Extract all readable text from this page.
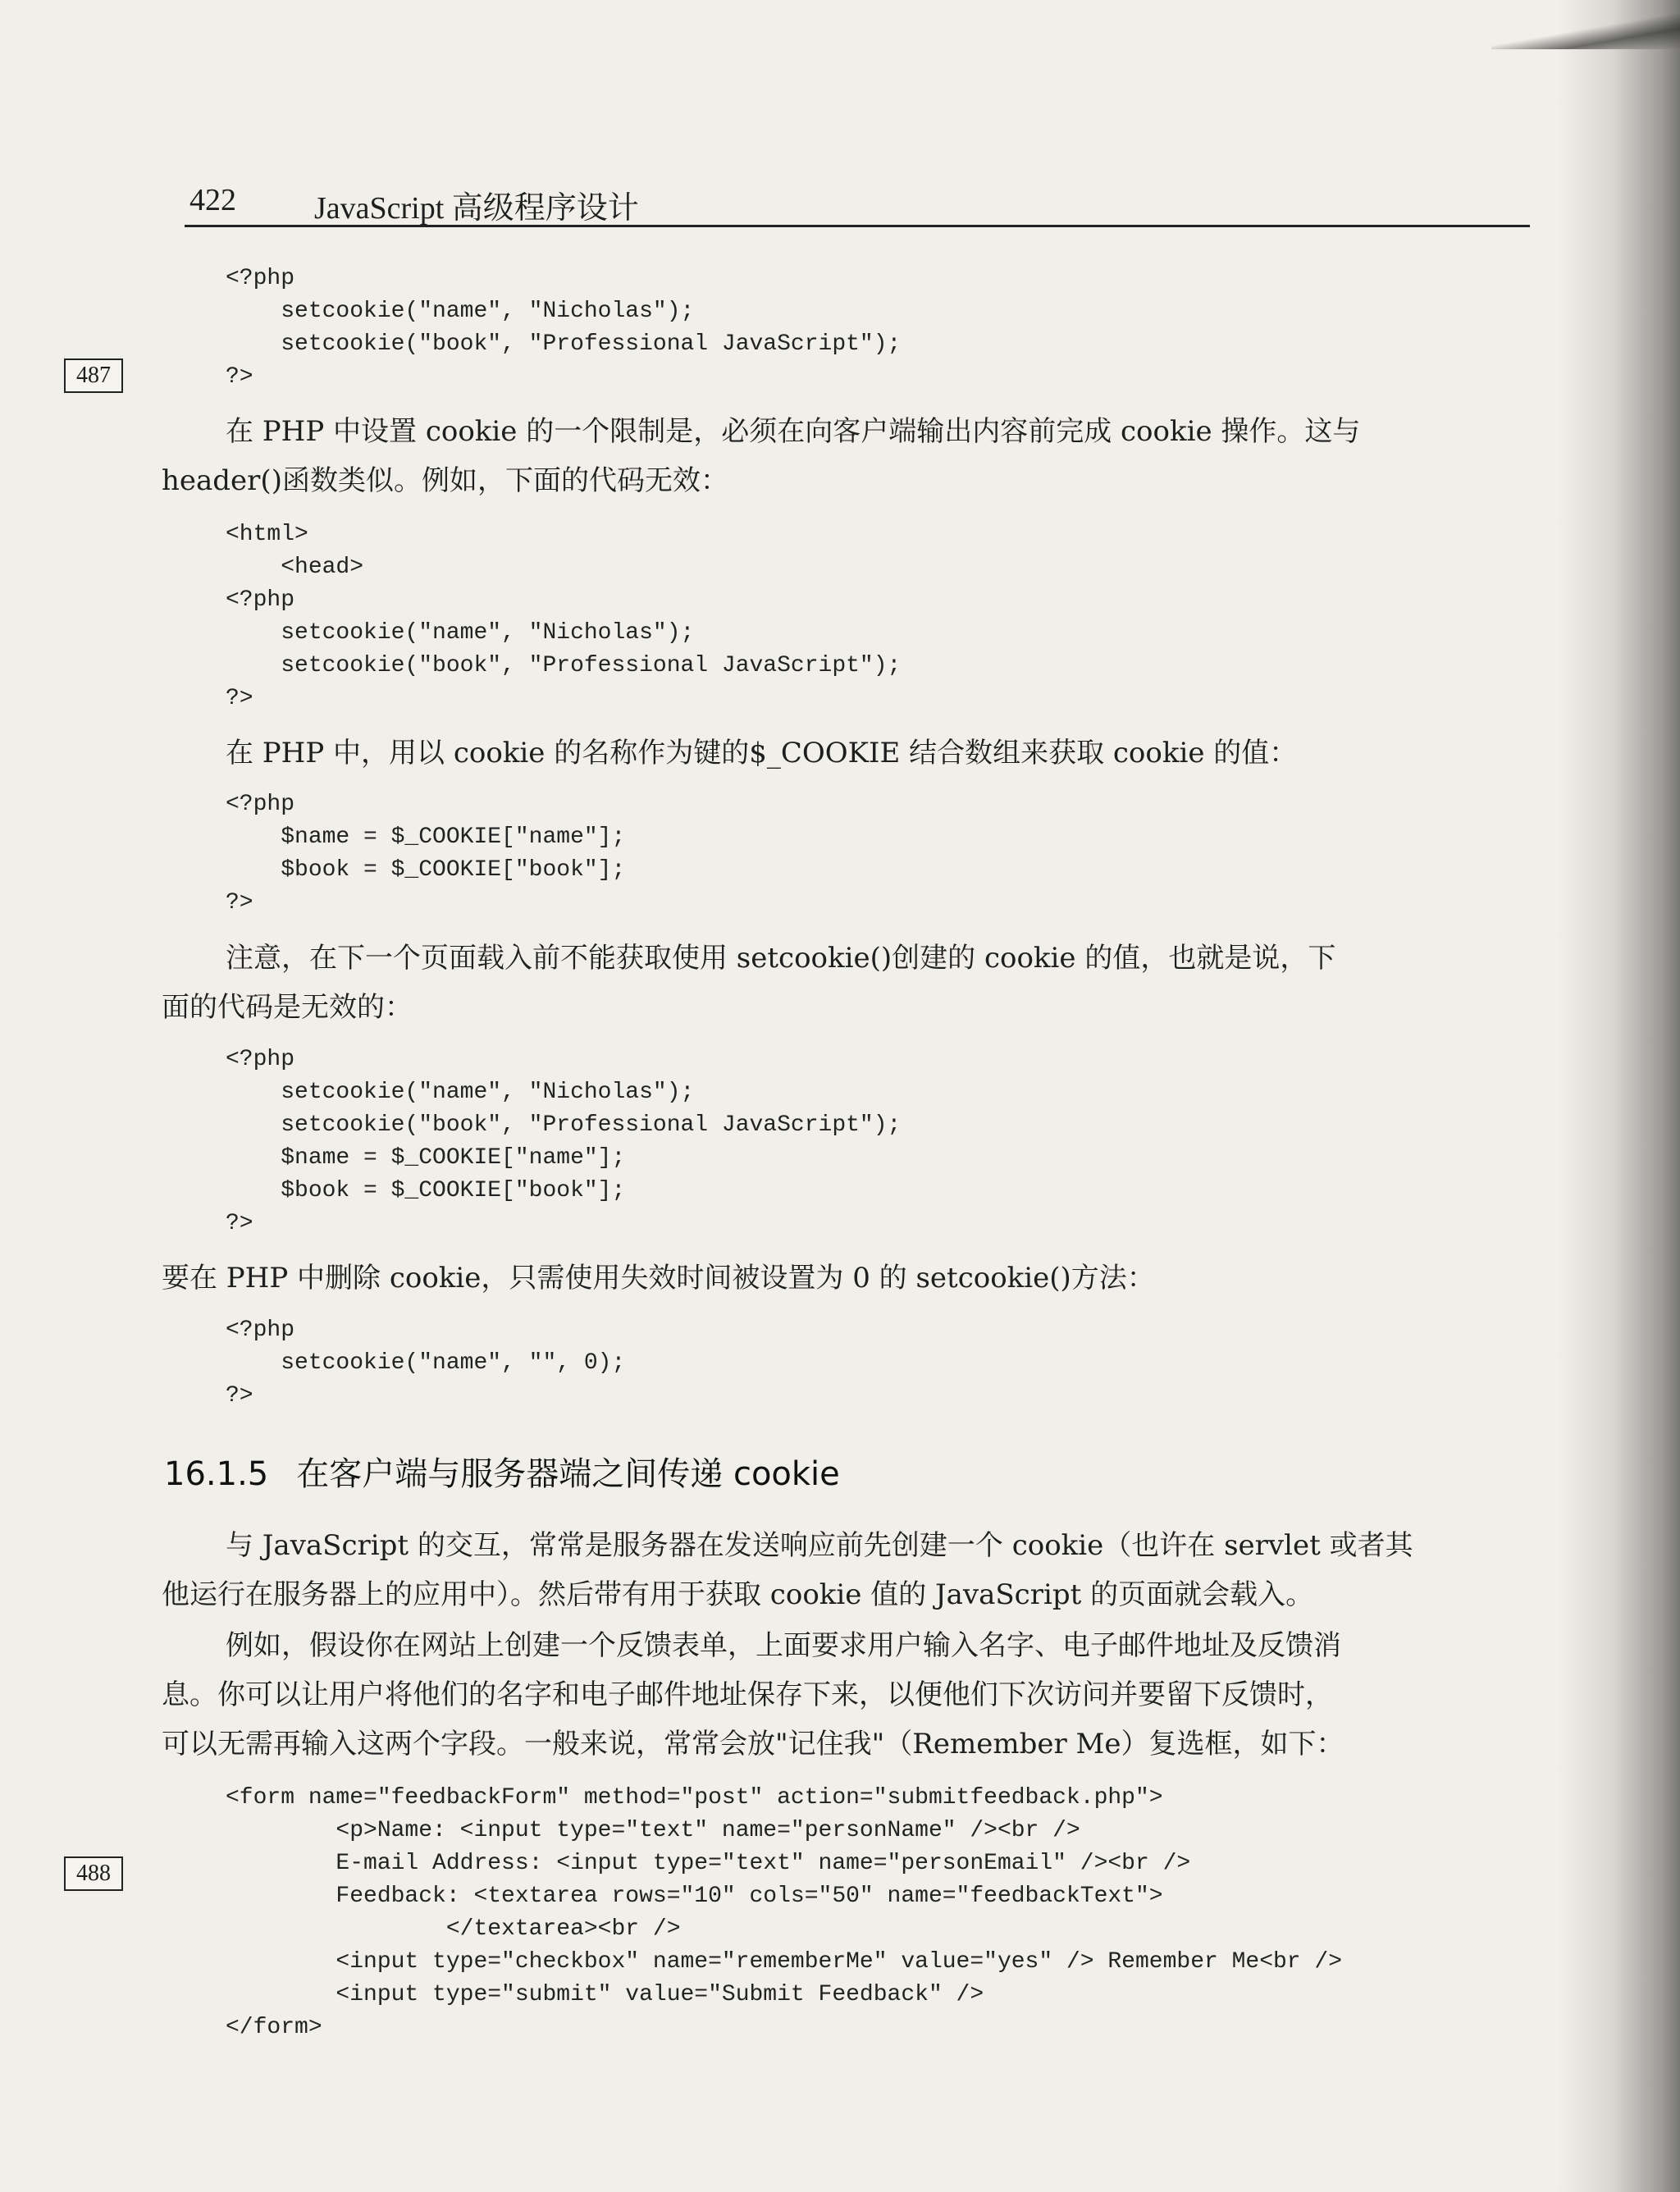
422	JavaScript 高级程序设计
487
488
<?php
setcookie("name", "Nicholas");
setcookie("book", "Professional JavaScript");
?>
在 PHP 中设置 cookie 的一个限制是，必须在向客户端输出内容前完成 cookie 操作。这与
header()函数类似。例如，下面的代码无效：
<html>
<head>
<?php
setcookie("name", "Nicholas");
setcookie("book", "Professional JavaScript");
?>
在 PHP 中，用以 cookie 的名称作为键的$_COOKIE 结合数组来获取 cookie 的值：
<?php
$name = $_COOKIE["name"];
$book = $_COOKIE["book"];
?>
注意，在下一个页面载入前不能获取使用 setcookie()创建的 cookie 的值，也就是说，下
面的代码是无效的：
<?php
setcookie("name", "Nicholas");
setcookie("book", "Professional JavaScript");
$name = $_COOKIE["name"];
$book = $_COOKIE["book"];
?>
要在 PHP 中删除 cookie，只需使用失效时间被设置为 0 的 setcookie()方法：
<?php
setcookie("name", "", 0);
?>
16.1.5 在客户端与服务器端之间传递 cookie
与 JavaScript 的交互，常常是服务器在发送响应前先创建一个 cookie（也许在 servlet 或者其
他运行在服务器上的应用中）。然后带有用于获取 cookie 值的 JavaScript 的页面就会载入。
例如，假设你在网站上创建一个反馈表单，上面要求用户输入名字、电子邮件地址及反馈消
息。你可以让用户将他们的名字和电子邮件地址保存下来，以便他们下次访问并要留下反馈时，
可以无需再输入这两个字段。一般来说，常常会放"记住我"（Remember Me）复选框，如下：
<form name="feedbackForm" method="post" action="submitfeedback.php">
<p>Name: <input type="text" name="personName" /><br />
E-mail Address: <input type="text" name="personEmail" /><br />
Feedback: <textarea rows="10" cols="50" name="feedbackText">
</textarea><br />
<input type="checkbox" name="rememberMe" value="yes" /> Remember Me<br />
<input type="submit" value="Submit Feedback" />
</form>
